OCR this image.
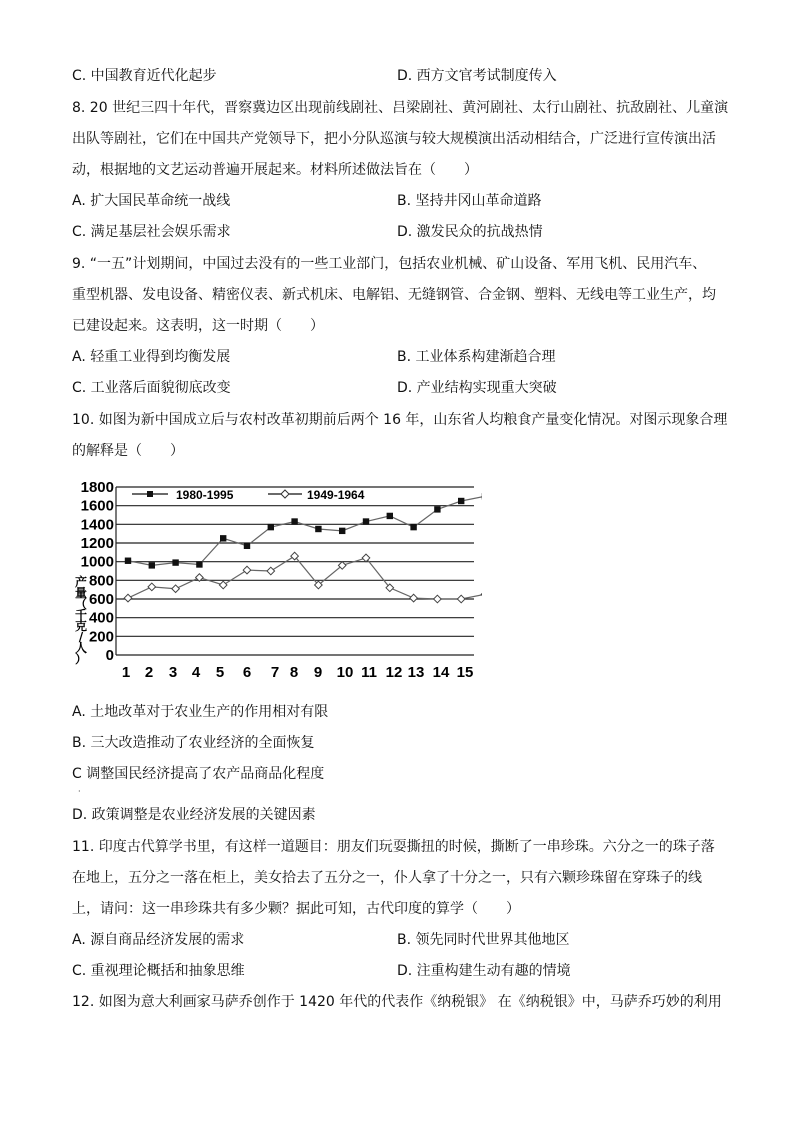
C. 中国教育近代化起步	D. 西方文官考试制度传入
8. 20 世纪三四十年代，晋察冀边区出现前线剧社、吕梁剧社、黄河剧社、太行山剧社、抗敌剧社、儿童演
出队等剧社，它们在中国共产党领导下，把小分队巡演与较大规模演出活动相结合，广泛进行宣传演出活
动，根据地的文艺运动普遍开展起来。材料所述做法旨在（　　）
A. 扩大国民革命统一战线	B. 坚持井冈山革命道路
C. 满足基层社会娱乐需求	D. 激发民众的抗战热情
9. “一五”计划期间，中国过去没有的一些工业部门，包括农业机械、矿山设备、军用飞机、民用汽车、
重型机器、发电设备、精密仪表、新式机床、电解铝、无缝钢管、合金钢、塑料、无线电等工业生产，均
已建设起来。这表明，这一时期（　　）
A. 轻重工业得到均衡发展	B. 工业体系构建渐趋合理
C. 工业落后面貌彻底改变	D. 产业结构实现重大突破
10. 如图为新中国成立后与农村改革初期前后两个 16 年，山东省人均粮食产量变化情况。对图示现象合理
的解释是（　　）
0
200
400
600
800
1000
1200
1400
1600
1800
1 2 3 4 5 6 7 8 9 10 11 12 13 14 15
产
量
（
千
克
/
人
）
1980-1995	1949-1964
A. 土地改革对于农业生产的作用相对有限
B. 三大改造推动了农业经济的全面恢复
C 调整国民经济提高了农产品商品化程度
·
D. 政策调整是农业经济发展的关键因素
11. 印度古代算学书里，有这样一道题目：朋友们玩耍撕扭的时候，撕断了一串珍珠。六分之一的珠子落
在地上，五分之一落在柜上，美女拾去了五分之一，仆人拿了十分之一，只有六颗珍珠留在穿珠子的线
上，请问：这一串珍珠共有多少颗？据此可知，古代印度的算学（　　）
A. 源自商品经济发展的需求	B. 领先同时代世界其他地区
C. 重视理论概括和抽象思维	D. 注重构建生动有趣的情境
12. 如图为意大利画家马萨乔创作于 1420 年代的代表作《纳税银》 在《纳税银》中，马萨乔巧妙的利用
